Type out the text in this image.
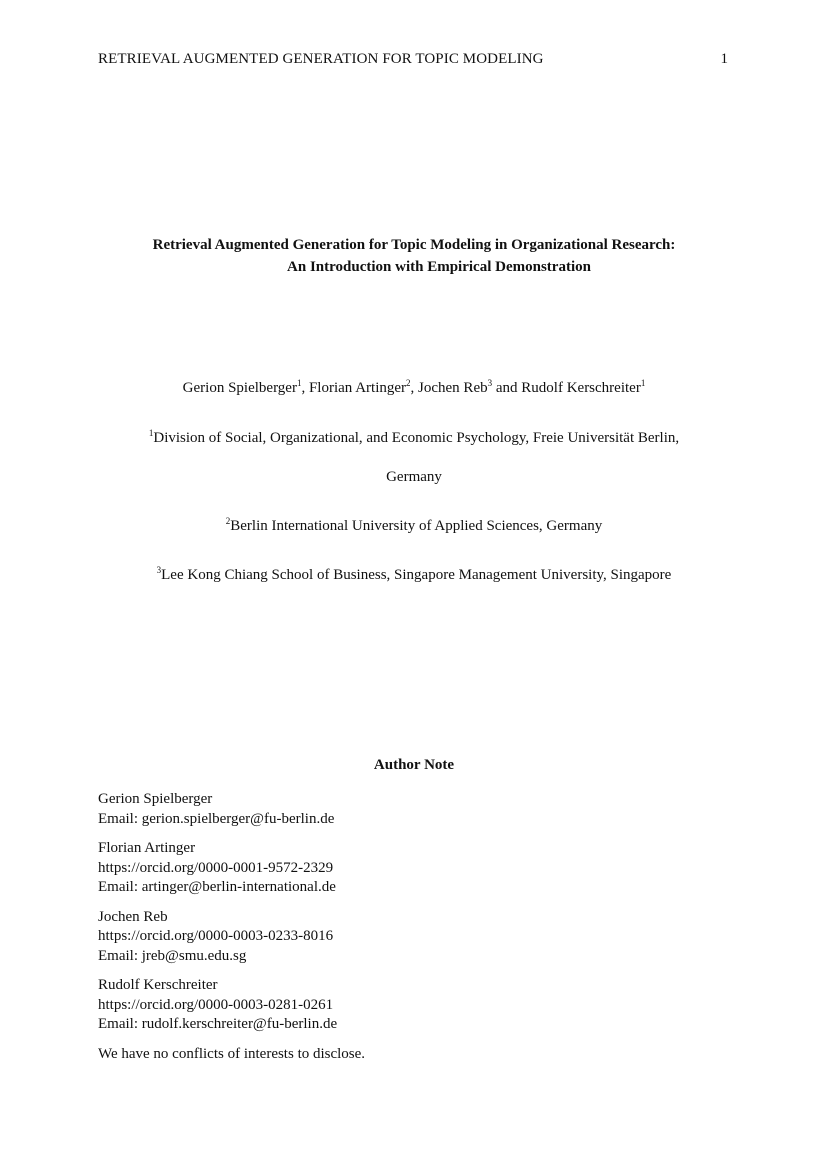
RETRIEVAL AUGMENTED GENERATION FOR TOPIC MODELING	1
Retrieval Augmented Generation for Topic Modeling in Organizational Research:
An Introduction with Empirical Demonstration
Gerion Spielberger$^1$, Florian Artinger$^2$, Jochen Reb$^3$ and Rudolf Kerschreiter$^1$
$^1$Division of Social, Organizational, and Economic Psychology, Freie Universität Berlin,
Germany
$^2$Berlin International University of Applied Sciences, Germany
$^3$Lee Kong Chiang School of Business, Singapore Management University, Singapore
Author Note
Gerion Spielberger
Email: gerion.spielberger@fu-berlin.de
Florian Artinger
https://orcid.org/0000-0001-9572-2329
Email: artinger@berlin-international.de
Jochen Reb
https://orcid.org/0000-0003-0233-8016
Email: jreb@smu.edu.sg
Rudolf Kerschreiter
https://orcid.org/0000-0003-0281-0261
Email: rudolf.kerschreiter@fu-berlin.de
We have no conflicts of interests to disclose.
